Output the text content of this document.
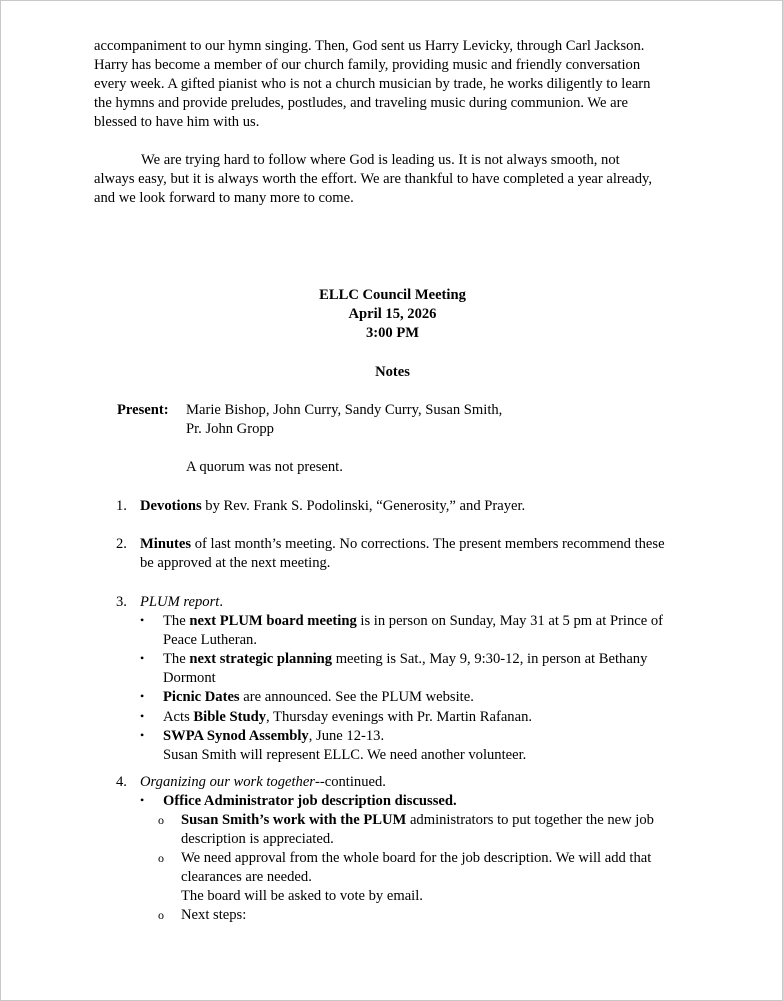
accompaniment to our hymn singing. Then, God sent us Harry Levicky, through Carl Jackson.
Harry has become a member of our church family, providing music and friendly conversation
every week. A gifted pianist who is not a church musician by trade, he works diligently to learn
the hymns and provide preludes, postludes, and traveling music during communion. We are
blessed to have him with us.
We are trying hard to follow where God is leading us. It is not always smooth, not
always easy, but it is always worth the effort. We are thankful to have completed a year already,
and we look forward to many more to come.
ELLC Council Meeting
April 15, 2026
3:00 PM
Notes
Present: Marie Bishop, John Curry, Sandy Curry, Susan Smith,
Pr. John Gropp
A quorum was not present.
1. Devotions by Rev. Frank S. Podolinski, “Generosity,” and Prayer.
2. Minutes of last month’s meeting. No corrections. The present members recommend these
be approved at the next meeting.
3. PLUM report.
• The next PLUM board meeting is in person on Sunday, May 31 at 5 pm at Prince of
Peace Lutheran.
• The next strategic planning meeting is Sat., May 9, 9:30-12, in person at Bethany
Dormont
• Picnic Dates are announced. See the PLUM website.
• Acts Bible Study, Thursday evenings with Pr. Martin Rafanan.
• SWPA Synod Assembly, June 12-13.
Susan Smith will represent ELLC. We need another volunteer.
4. Organizing our work together--continued.
• Office Administrator job description discussed.
o Susan Smith’s work with the PLUM administrators to put together the new job
description is appreciated.
o We need approval from the whole board for the job description. We will add that
clearances are needed.
The board will be asked to vote by email.
o Next steps:
